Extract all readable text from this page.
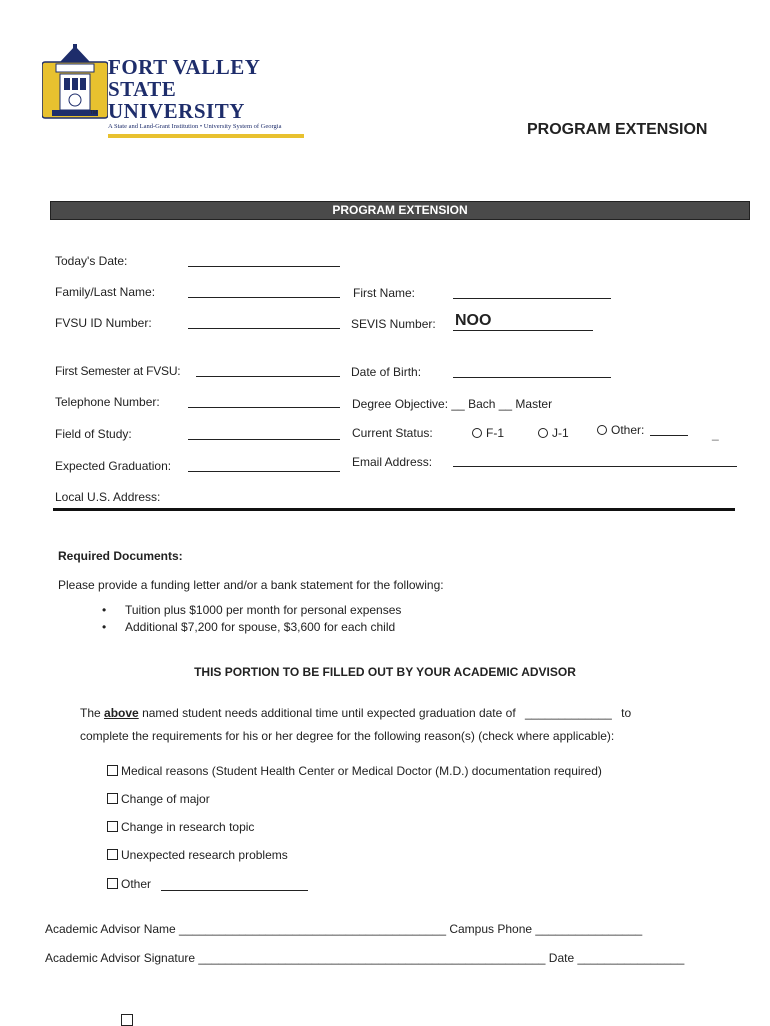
FORT VALLEY
STATE UNIVERSITY
A State and Land-Grant Institution • University System of Georgia
TM
PROGRAM EXTENSION
PROGRAM EXTENSION
Today's Date:
Family/Last Name:	First Name:
FVSU ID Number:	SEVIS Number: NOO
First Semester at FVSU:	Date of Birth:
Telephone Number:	Degree Objective: __ Bach __ Master
Field of Study:	Current Status:	F-1	J-1	Other:	_
Expected Graduation:	Email Address:
Local U.S. Address:
Required Documents:
Please provide a funding letter and/or a bank statement for the following:
• Tuition plus $1000 per month for personal expenses
• Additional $7,200 for spouse, $3,600 for each child
THIS PORTION TO BE FILLED OUT BY YOUR ACADEMIC ADVISOR
The above named student needs additional time until expected graduation date of _____________ to
complete the requirements for his or her degree for the following reason(s) (check where applicable):
Medical reasons (Student Health Center or Medical Doctor (M.D.) documentation required)
Change of major
Change in research topic
Unexpected research problems
Other
Academic Advisor Name ________________________________________ Campus Phone ________________
Academic Advisor Signature ____________________________________________________ Date ________________
